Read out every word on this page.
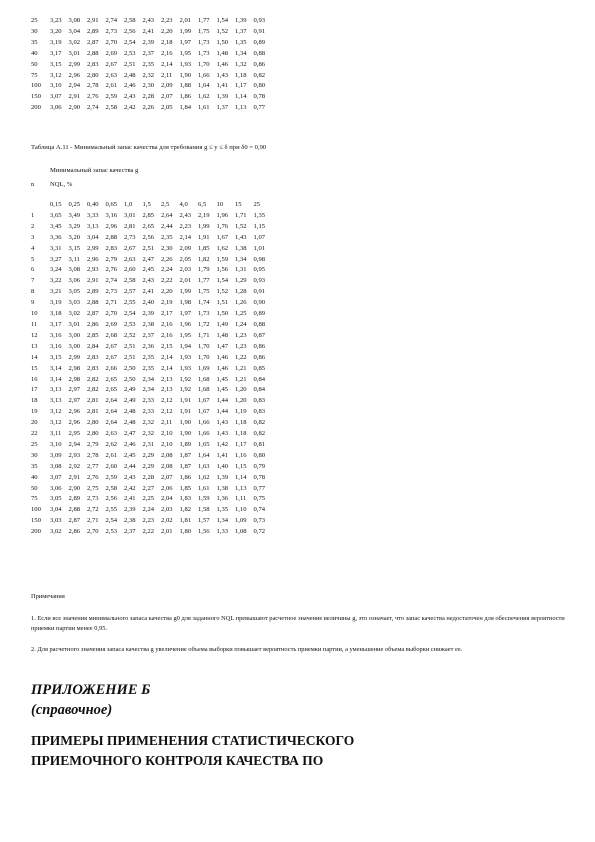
25	3,23	3,08	2,91	2,74	2,58	2,43	2,23	2,01	1,77	1,54	1,39	0,93
30	3,20	3,04	2,89	2,73	2,56	2,41	2,20	1,99	1,75	1,52	1,37	0,91
35	3,19	3,02	2,87	2,70	2,54	2,39	2,18	1,97	1,73	1,50	1,35	0,89
40	3,17	3,01	2,88	2,69	2,53	2,37	2,16	1,95	1,73	1,48	1,34	0,88
50	3,15	2,99	2,83	2,67	2,51	2,35	2,14	1,93	1,70	1,46	1,32	0,86
75	3,12	2,96	2,80	2,63	2,48	2,32	2,11	1,90	1,66	1,43	1,18	0,82
100	3,10	2,94	2,78	2,61	2,46	2,30	2,09	1,88	1,64	1,41	1,17	0,80
150	3,07	2,91	2,76	2,59	2,43	2,28	2,07	1,86	1,62	1,39	1,14	0,78
200	3,06	2,90	2,74	2,58	2,42	2,26	2,05	1,84	1,61	1,37	1,13	0,77
Таблица А.11 - Минимальный запас качества для требования g ≤ y ≤ δ при δ0 = 0,90
Минимальный запас качества g
n NQL, %
	0,15	0,25	0,40	0,65	1,0	1,5	2,5	4,0	6,5	10	15	25
1	3,65	3,49	3,33	3,16	3,01	2,85	2,64	2,43	2,19	1,96	1,71	1,35
2	3,45	3,29	3,13	2,96	2,81	2,65	2,44	2,23	1,99	1,76	1,52	1,15
3	3,36	3,20	3,04	2,88	2,73	2,56	2,35	2,14	1,91	1,67	1,43	1,07
4	3,31	3,15	2,99	2,83	2,67	2,51	2,30	2,09	1,85	1,62	1,38	1,01
5	3,27	3,11	2,96	2,79	2,63	2,47	2,26	2,05	1,82	1,59	1,34	0,98
6	3,24	3,08	2,93	2,76	2,60	2,45	2,24	2,03	1,79	1,56	1,31	0,95
7	3,22	3,06	2,91	2,74	2,58	2,43	2,22	2,01	1,77	1,54	1,29	0,93
8	3,21	3,05	2,89	2,73	2,57	2,41	2,20	1,99	1,75	1,52	1,28	0,91
9	3,19	3,03	2,88	2,71	2,55	2,40	2,19	1,98	1,74	1,51	1,26	0,90
10	3,18	3,02	2,87	2,70	2,54	2,39	2,17	1,97	1,73	1,50	1,25	0,89
11	3,17	3,01	2,86	2,69	2,53	2,38	2,16	1,96	1,72	1,49	1,24	0,88
12	3,16	3,00	2,85	2,68	2,52	2,37	2,16	1,95	1,71	1,48	1,23	0,87
13	3,16	3,00	2,84	2,67	2,51	2,36	2,15	1,94	1,70	1,47	1,23	0,86
14	3,15	2,99	2,83	2,67	2,51	2,35	2,14	1,93	1,70	1,46	1,22	0,86
15	3,14	2,98	2,83	2,66	2,50	2,35	2,14	1,93	1,69	1,46	1,21	0,85
16	3,14	2,98	2,82	2,65	2,50	2,34	2,13	1,92	1,68	1,45	1,21	0,84
17	3,13	2,97	2,82	2,65	2,49	2,34	2,13	1,92	1,68	1,45	1,20	0,84
18	3,13	2,97	2,81	2,64	2,49	2,33	2,12	1,91	1,67	1,44	1,20	0,83
19	3,12	2,96	2,81	2,64	2,48	2,33	2,12	1,91	1,67	1,44	1,19	0,83
20	3,12	2,96	2,80	2,64	2,48	2,32	2,11	1,90	1,66	1,43	1,18	0,82
22	3,11	2,95	2,80	2,63	2,47	2,32	2,10	1,90	1,66	1,43	1,18	0,82
25	3,10	2,94	2,79	2,62	2,46	2,31	2,10	1,89	1,65	1,42	1,17	0,81
30	3,09	2,93	2,78	2,61	2,45	2,29	2,08	1,87	1,64	1,41	1,16	0,80
35	3,08	2,92	2,77	2,60	2,44	2,29	2,08	1,87	1,63	1,40	1,15	0,79
40	3,07	2,91	2,76	2,59	2,43	2,28	2,07	1,86	1,62	1,39	1,14	0,78
50	3,06	2,90	2,75	2,58	2,42	2,27	2,06	1,85	1,61	1,38	1,13	0,77
75	3,05	2,89	2,73	2,56	2,41	2,25	2,04	1,83	1,59	1,36	1,11	0,75
100	3,04	2,88	2,72	2,55	2,39	2,24	2,03	1,82	1,58	1,35	1,10	0,74
150	3,03	2,87	2,71	2,54	2,38	2,23	2,02	1,81	1,57	1,34	1,09	0,73
200	3,02	2,86	2,70	2,53	2,37	2,22	2,01	1,80	1,56	1,33	1,08	0,72
Примечания
1. Если все значения минимального запаса качества g0 для заданного NQL превышают расчетное значение величины g, это означает, что запас качества недостаточен для обеспечения вероятности приемки партии менее 0,95.
2. Для расчетного значения запаса качества g увеличение объема выборки повышает вероятность приемки партии, а уменьшение объема выборки снижает ее.
ПРИЛОЖЕНИЕ Б
(справочное)
ПРИМЕРЫ ПРИМЕНЕНИЯ СТАТИСТИЧЕСКОГО
ПРИЕМОЧНОГО КОНТРОЛЯ КАЧЕСТВА ПО
